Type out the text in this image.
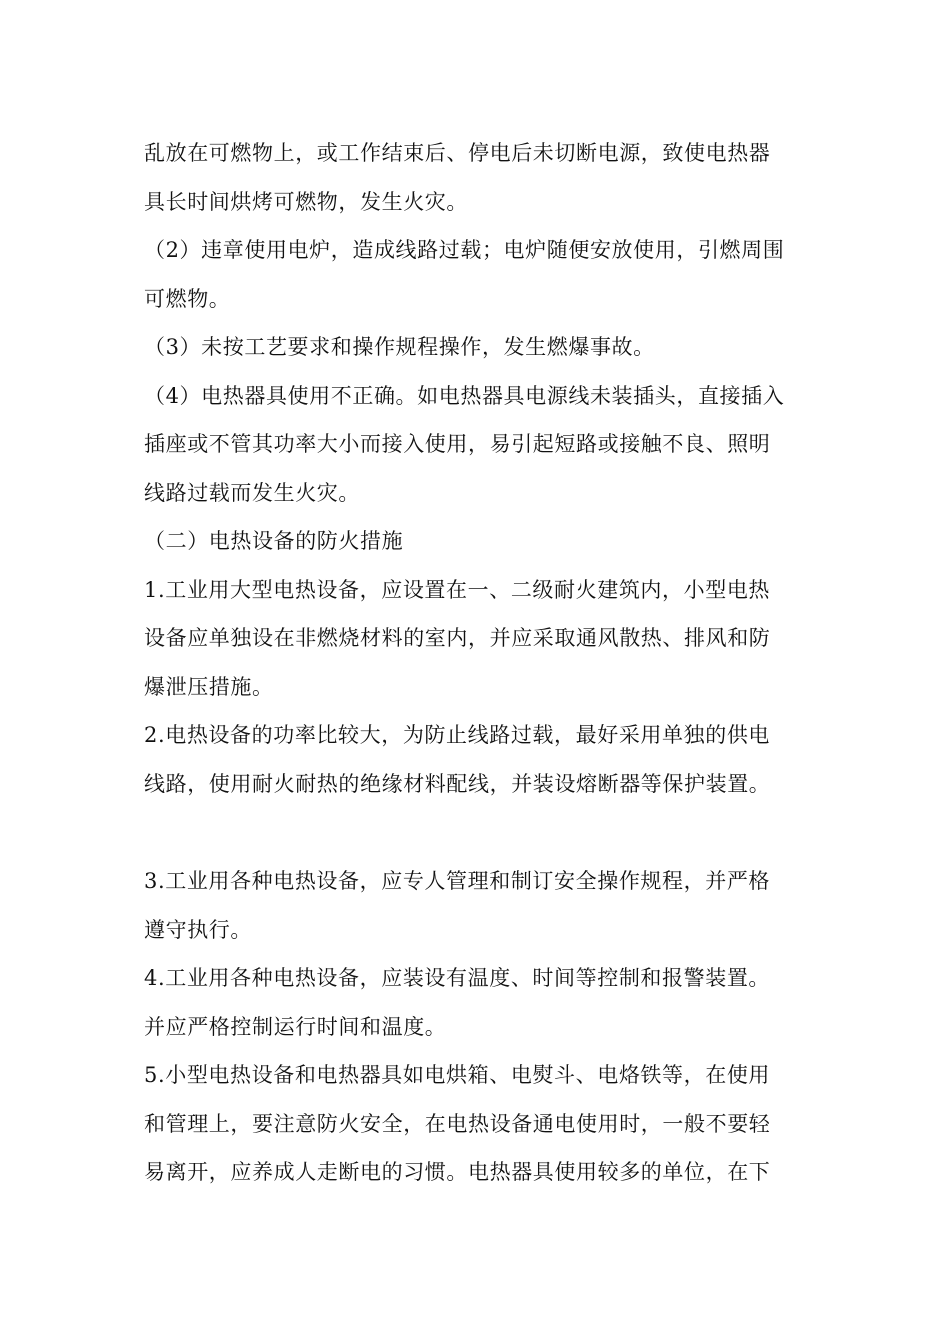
乱放在可燃物上，或工作结束后、停电后未切断电源，致使电热器
具长时间烘烤可燃物，发生火灾。
（2）违章使用电炉，造成线路过载；电炉随便安放使用，引燃周围
可燃物。
（3）未按工艺要求和操作规程操作，发生燃爆事故。
（4）电热器具使用不正确。如电热器具电源线未装插头，直接插入
插座或不管其功率大小而接入使用，易引起短路或接触不良、照明
线路过载而发生火灾。
（二）电热设备的防火措施
1.工业用大型电热设备，应设置在一、二级耐火建筑内，小型电热
设备应单独设在非燃烧材料的室内，并应采取通风散热、排风和防
爆泄压措施。
2.电热设备的功率比较大，为防止线路过载，最好采用单独的供电
线路，使用耐火耐热的绝缘材料配线，并装设熔断器等保护装置。
3.工业用各种电热设备，应专人管理和制订安全操作规程，并严格
遵守执行。
4.工业用各种电热设备，应装设有温度、时间等控制和报警装置。
并应严格控制运行时间和温度。
5.小型电热设备和电热器具如电烘箱、电熨斗、电烙铁等，在使用
和管理上，要注意防火安全，在电热设备通电使用时，一般不要轻
易离开，应养成人走断电的习惯。电热器具使用较多的单位，在下
